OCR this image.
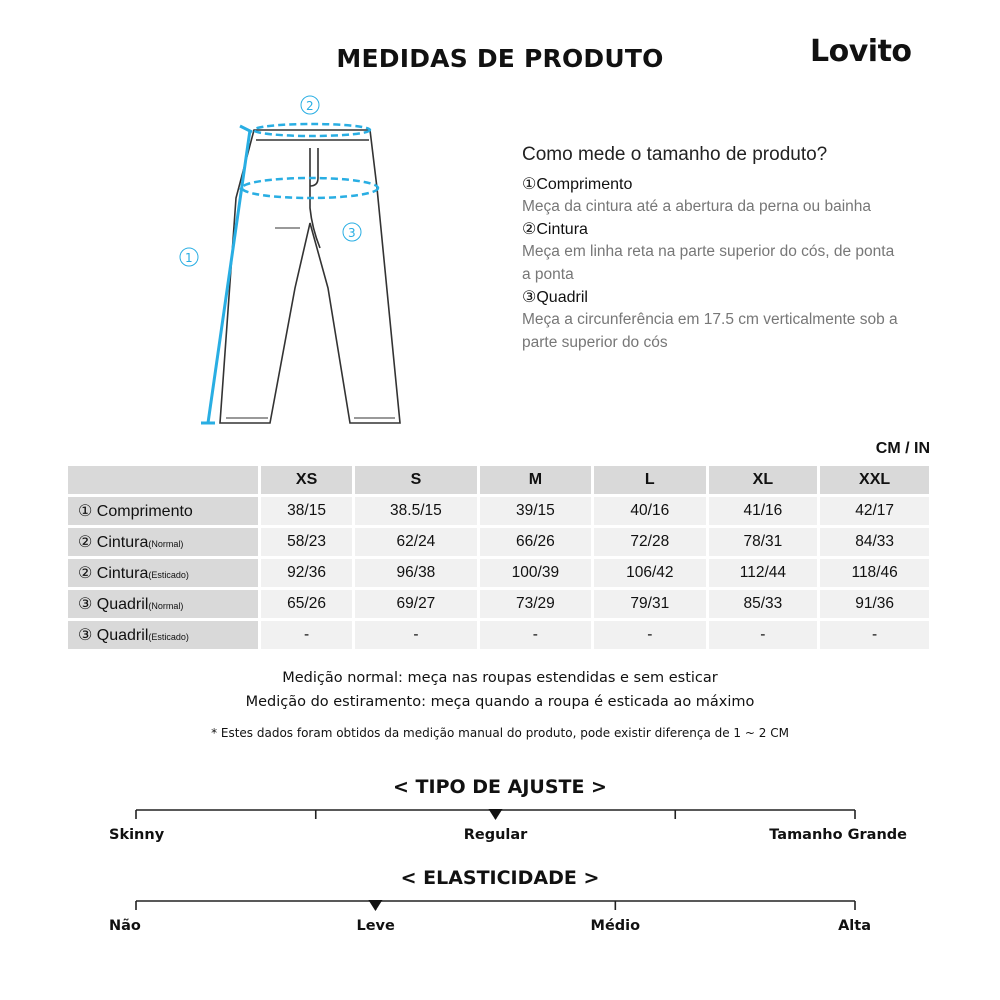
MEDIDAS DE PRODUTO	Lovito
2
3
1
Como mede o tamanho de produto?
①Comprimento
Meça da cintura até a abertura da perna ou bainha
②Cintura
Meça em linha reta na parte superior do cós, de ponta a ponta
③Quadril
Meça a circunferência em 17.5 cm verticalmente sob a parte superior do cós
CM / IN
	XS	S	M	L	XL	XXL
① Comprimento	38/15	38.5/15	39/15	40/16	41/16	42/17
② Cintura(Normal)	58/23	62/24	66/26	72/28	78/31	84/33
② Cintura(Esticado)	92/36	96/38	100/39	106/42	112/44	118/46
③ Quadril(Normal)	65/26	69/27	73/29	79/31	85/33	91/36
③ Quadril(Esticado)	-	-	-	-	-	-
Medição normal: meça nas roupas estendidas e sem esticar
Medição do estiramento: meça quando a roupa é esticada ao máximo
* Estes dados foram obtidos da medição manual do produto, pode existir diferença de 1 ~ 2 CM
< TIPO DE AJUSTE >
< ELASTICIDADE >
Skinny	Regular	Tamanho Grande
Não	Leve	Médio	Alta
